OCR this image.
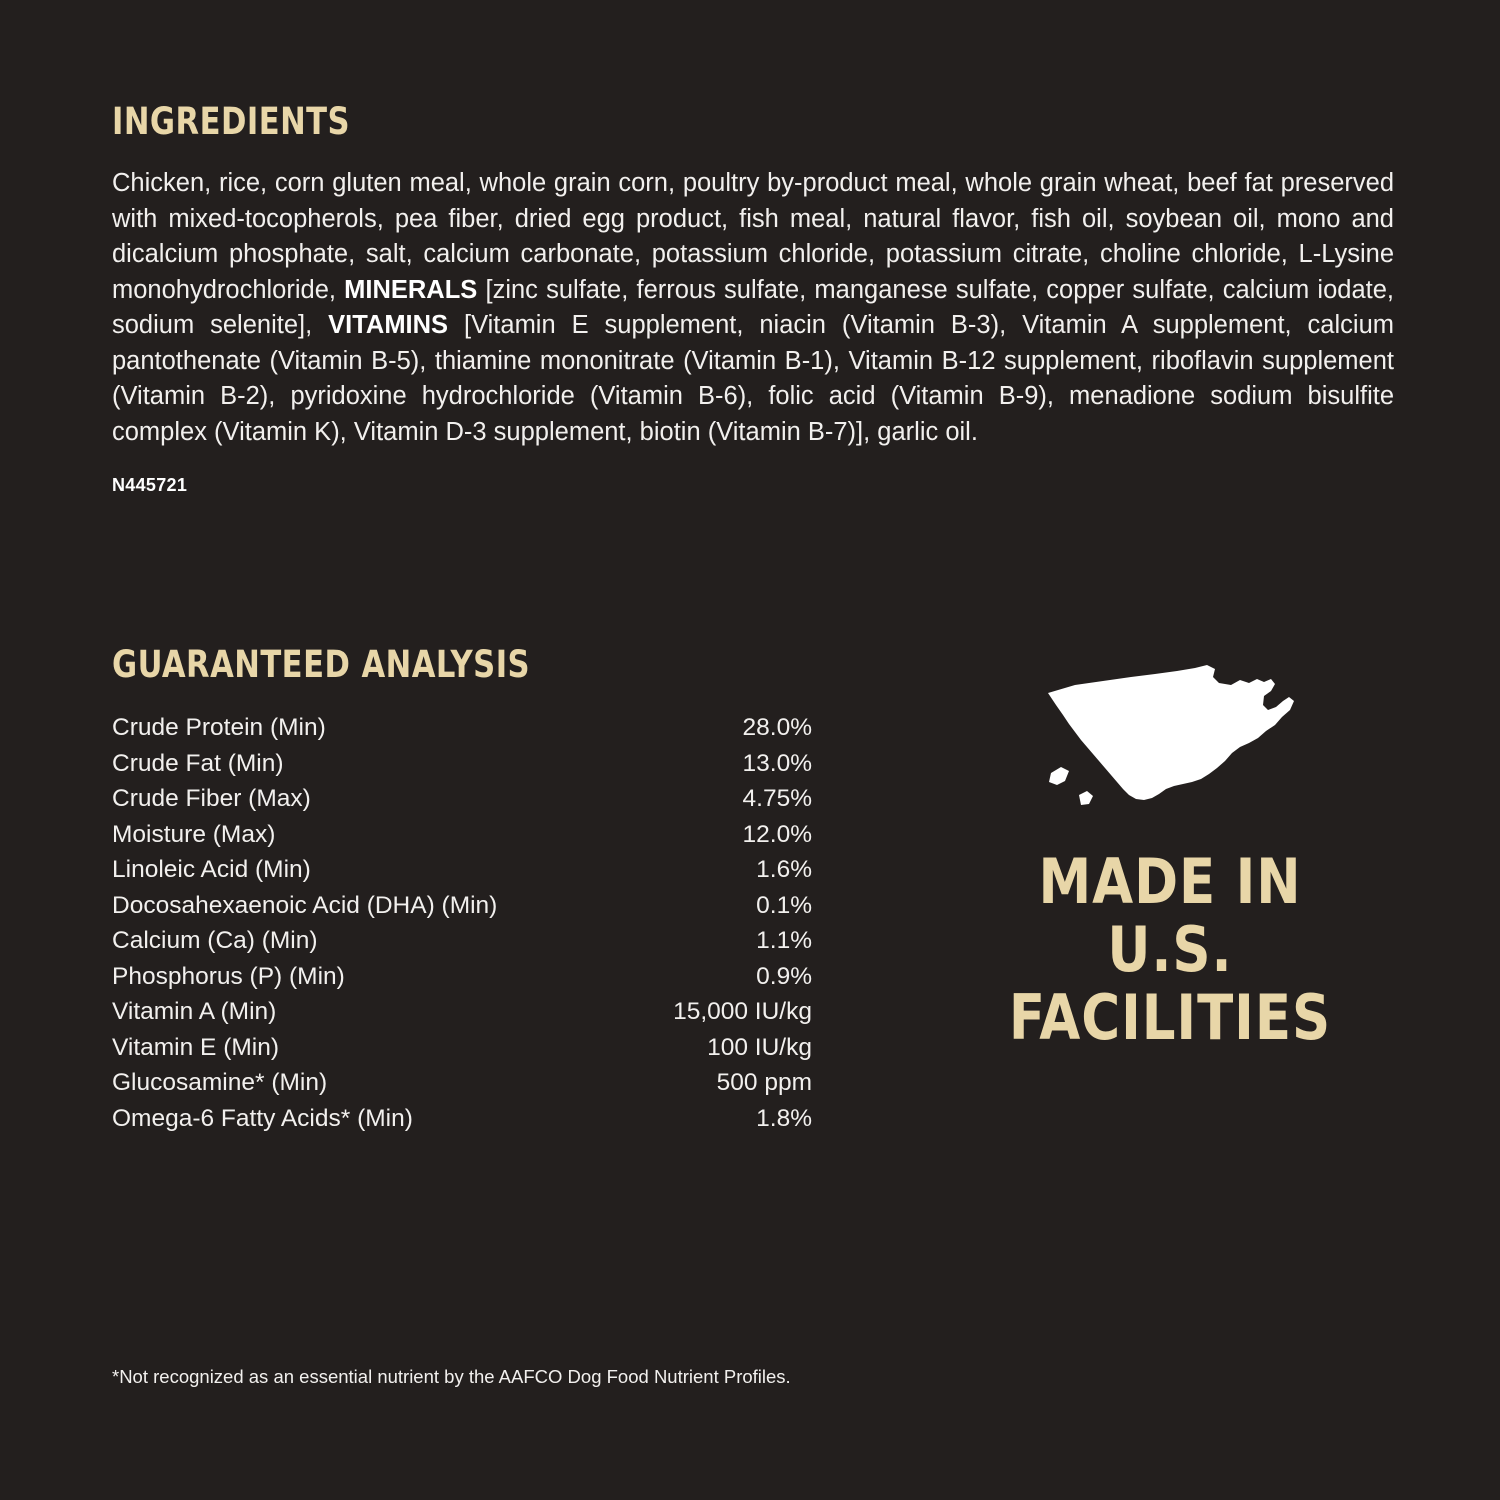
INGREDIENTS

Chicken, rice, corn gluten meal, whole grain corn, poultry by-product meal, whole grain wheat, beef fat preserved with mixed-tocopherols, pea fiber, dried egg product, fish meal, natural flavor, fish oil, soybean oil, mono and dicalcium phosphate, salt, calcium carbonate, potassium chloride, potassium citrate, choline chloride, L-Lysine monohydrochloride, MINERALS [zinc sulfate, ferrous sulfate, manganese sulfate, copper sulfate, calcium iodate, sodium selenite], VITAMINS [Vitamin E supplement, niacin (Vitamin B-3), Vitamin A supplement, calcium pantothenate (Vitamin B-5), thiamine mononitrate (Vitamin B-1), Vitamin B-12 supplement, riboflavin supplement (Vitamin B-2), pyridoxine hydrochloride (Vitamin B-6), folic acid (Vitamin B-9), menadione sodium bisulfite complex (Vitamin K), Vitamin D-3 supplement, biotin (Vitamin B-7)], garlic oil.

N445721

GUARANTEED ANALYSIS
Crude Protein (Min)	28.0%
Crude Fat (Min)	13.0%
Crude Fiber (Max)	4.75%
Moisture (Max)	12.0%
Linoleic Acid (Min)	1.6%
Docosahexaenoic Acid (DHA) (Min)	0.1%
Calcium (Ca) (Min)	1.1%
Phosphorus (P) (Min)	0.9%
Vitamin A (Min)	15,000 IU/kg
Vitamin E (Min)	100 IU/kg
Glucosamine* (Min)	500 ppm
Omega-6 Fatty Acids* (Min)	1.8%
MADE IN
U.S.
FACILITIES

*Not recognized as an essential nutrient by the AAFCO Dog Food Nutrient Profiles.
